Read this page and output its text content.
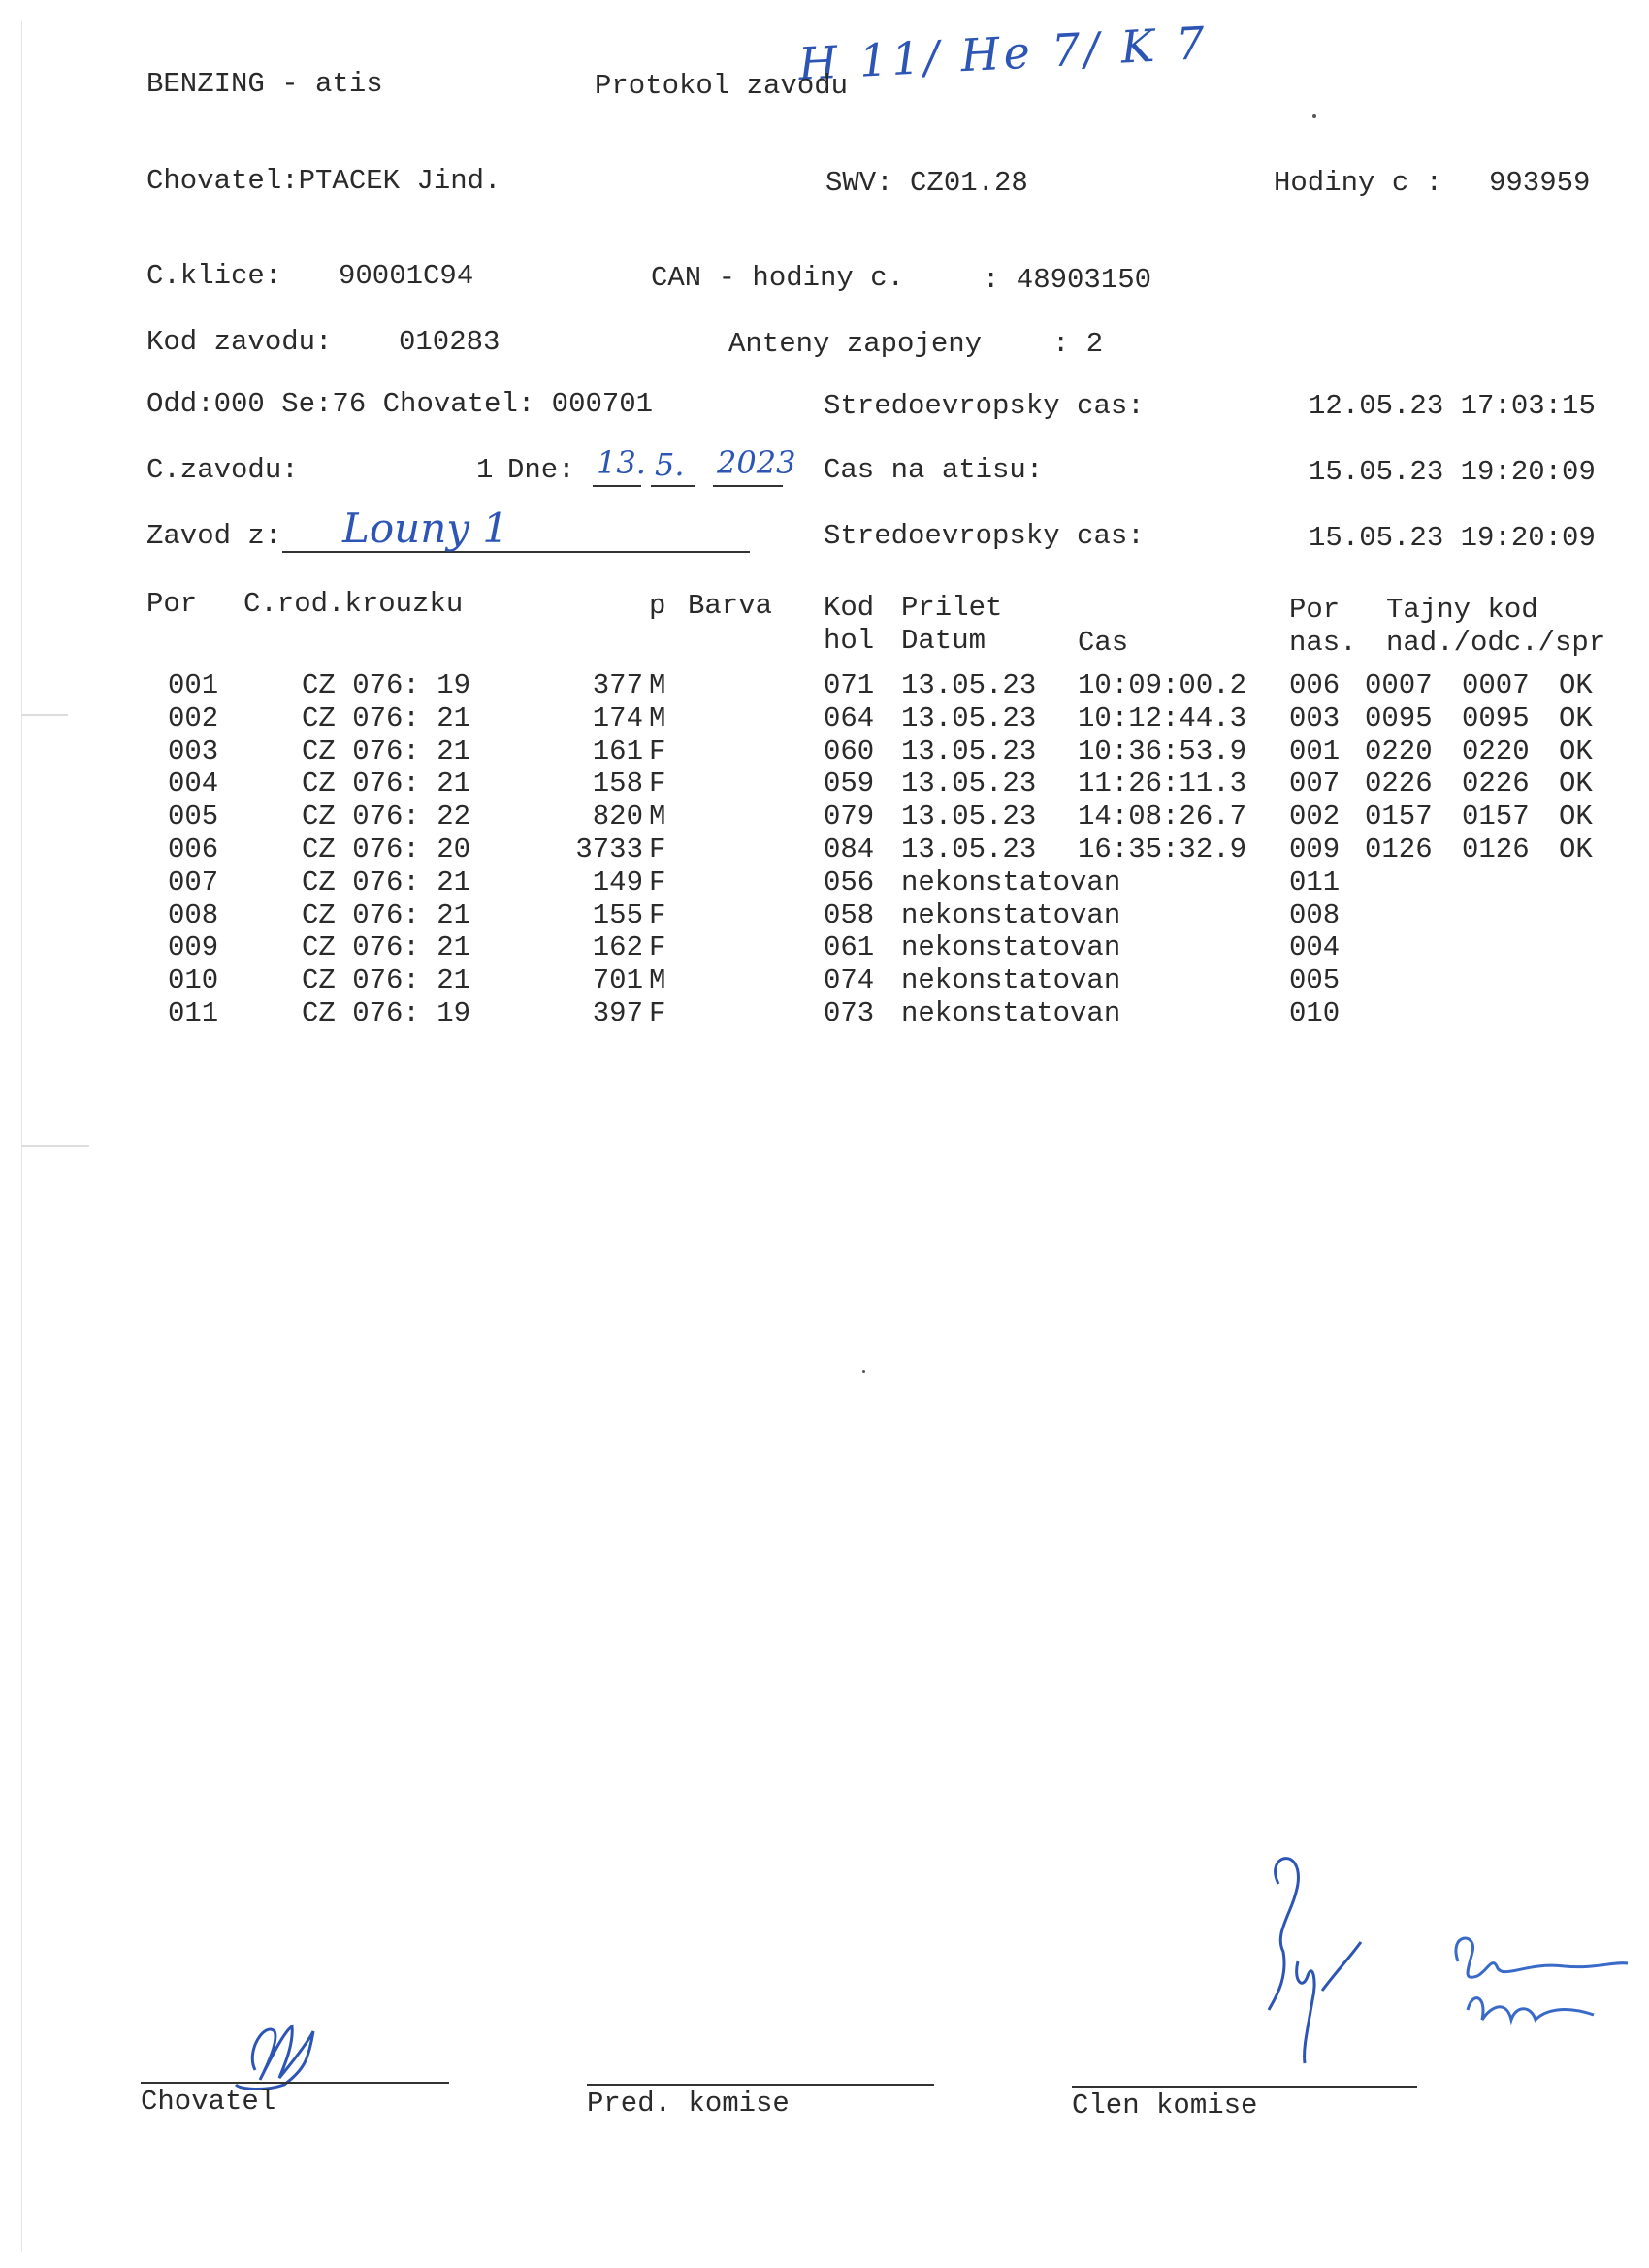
H 11/ He 7/ K 7
BENZING - atis	Protokol zavodu
Chovatel:PTACEK Jind.	SWV: CZ01.28	Hodiny c : 993959
C.klice: 90001C94	CAN - hodiny c.	: 48903150
Kod zavodu: 010283	Anteny zapojeny	: 2
Odd:000 Se:76 Chovatel: 000701	Stredoevropsky cas:	12.05.23 17:03:15
C.zavodu:	1 Dne: 13. 5. 2023 Cas na atisu:	15.05.23 19:20:09
Zavod z: Louny 1	Stredoevropsky cas:	15.05.23 19:20:09
Por C.rod.krouzku	p Barva Kod
hol
Prilet
Datum	Cas
Por
nas.
Tajny kod
nad./odc./spr
001	CZ 076: 19	377 M	071 13.05.23 10:09:00.2 006 0007 0007 OK
002	CZ 076: 21	174 M	064 13.05.23 10:12:44.3 003 0095 0095 OK
003	CZ 076: 21	161 F	060 13.05.23 10:36:53.9 001 0220 0220 OK
004	CZ 076: 21	158 F	059 13.05.23 11:26:11.3 007 0226 0226 OK
005	CZ 076: 22	820 M	079 13.05.23 14:08:26.7 002 0157 0157 OK
006	CZ 076: 20	3733 F	084 13.05.23 16:35:32.9 009 0126 0126 OK
007	CZ 076: 21	149 F	056 nekonstatovan	011
008	CZ 076: 21	155 F	058 nekonstatovan	008
009	CZ 076: 21	162 F	061 nekonstatovan	004
010	CZ 076: 21	701 M	074 nekonstatovan	005
011	CZ 076: 19	397 F	073 nekonstatovan	010
Chovatel	Pred. komise	Clen komise
